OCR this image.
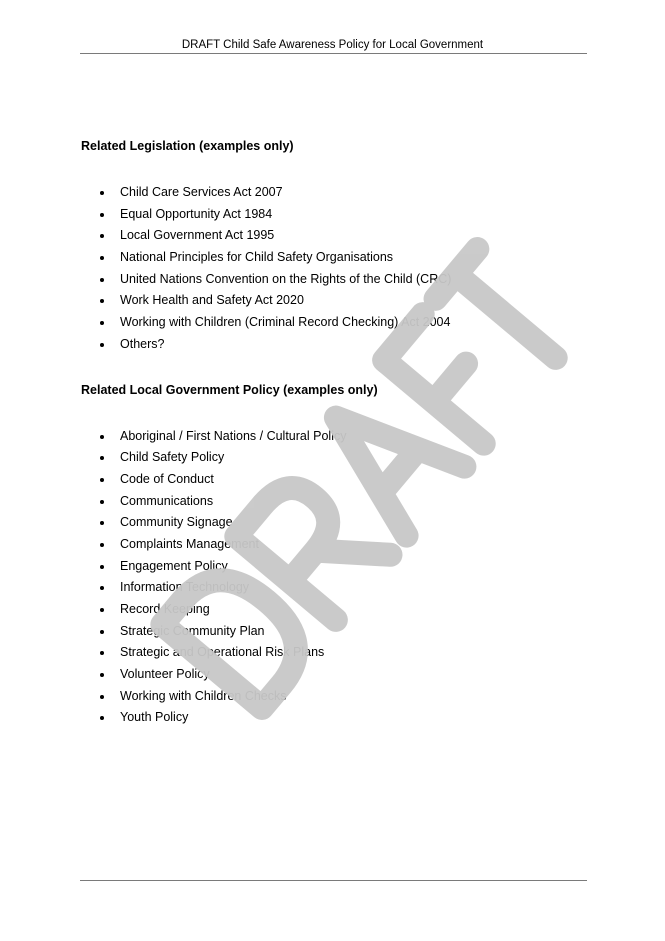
DRAFT Child Safe Awareness Policy for Local Government

Related Legislation (examples only)

Child Care Services Act 2007
Equal Opportunity Act 1984
Local Government Act 1995
National Principles for Child Safety Organisations
United Nations Convention on the Rights of the Child (CRC)
Work Health and Safety Act 2020
Working with Children (Criminal Record Checking) Act 2004
Others?

Related Local Government Policy (examples only)

Aboriginal / First Nations / Cultural Policy
Child Safety Policy
Code of Conduct
Communications
Community Signage
Complaints Management
Engagement Policy
Information Technology
Record Keeping
Strategic Community Plan
Strategic and Operational Risk Plans
Volunteer Policy
Working with Children Checks
Youth Policy
